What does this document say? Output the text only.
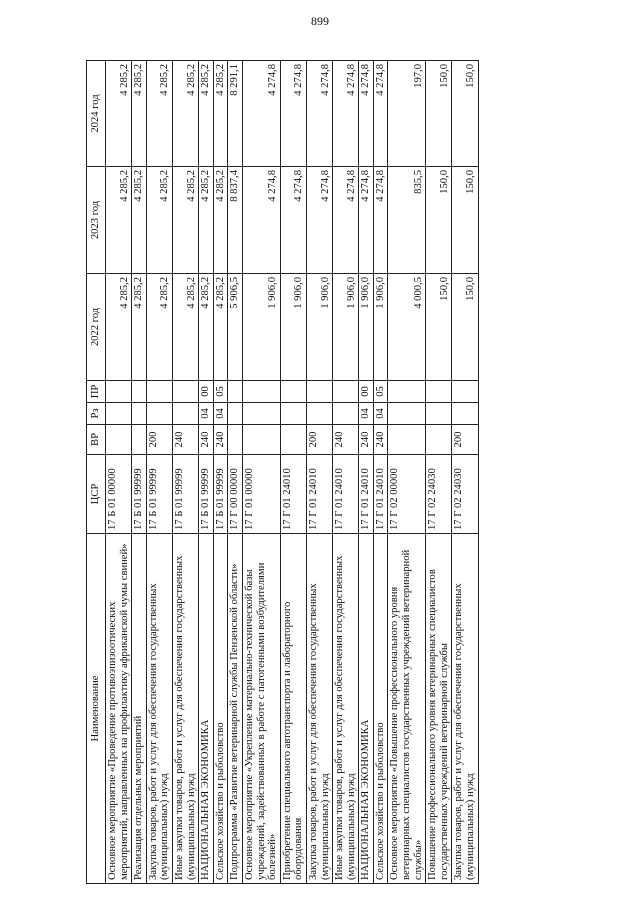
899
Наименование	ЦСР	ВР	Рз	ПР	2022 год	2023 год	2024 год
Основное мероприятие «Проведение противоэпизоотических мероприятий, направленных на профилактику африканской чумы свиней»	17 Б 01 00000				4 285,2	4 285,2	4 285,2
Реализация отдельных мероприятий	17 Б 01 99999				4 285,2	4 285,2	4 285,2
Закупка товаров, работ и услуг для обеспечения государственных (муниципальных) нужд	17 Б 01 99999	200			4 285,2	4 285,2	4 285,2
Иные закупки товаров, работ и услуг для обеспечения государственных (муниципальных) нужд	17 Б 01 99999	240			4 285,2	4 285,2	4 285,2
НАЦИОНАЛЬНАЯ ЭКОНОМИКА	17 Б 01 99999	240	04	00	4 285,2	4 285,2	4 285,2
Сельское хозяйство и рыболовство	17 Б 01 99999	240	04	05	4 285,2	4 285,2	4 285,2
Подпрограмма «Развитие ветеринарной службы Пензенской области»	17 Г 00 00000				5 906,5	8 837,4	8 291,1
Основное мероприятие «Укрепление материально-технической базы учреждений, задействованных в работе с патогенными возбудителями болезней»	17 Г 01 00000				1 906,0	4 274,8	4 274,8
Приобретение специального автотранспорта и лабораторного оборудования	17 Г 01 24010				1 906,0	4 274,8	4 274,8
Закупка товаров, работ и услуг для обеспечения государственных (муниципальных) нужд	17 Г 01 24010	200			1 906,0	4 274,8	4 274,8
Иные закупки товаров, работ и услуг для обеспечения государственных (муниципальных) нужд	17 Г 01 24010	240			1 906,0	4 274,8	4 274,8
НАЦИОНАЛЬНАЯ ЭКОНОМИКА	17 Г 01 24010	240	04	00	1 906,0	4 274,8	4 274,8
Сельское хозяйство и рыболовство	17 Г 01 24010	240	04	05	1 906,0	4 274,8	4 274,8
Основное мероприятие «Повышение профессионального уровня ветеринарных специалистов государственных учреждений ветеринарной службы»	17 Г 02 00000				4 000,5	835,5	197,0
Повышение профессионального уровня ветеринарных специалистов государственных учреждений ветеринарной службы	17 Г 02 24030				150,0	150,0	150,0
Закупка товаров, работ и услуг для обеспечения государственных (муниципальных) нужд	17 Г 02 24030	200			150,0	150,0	150,0
